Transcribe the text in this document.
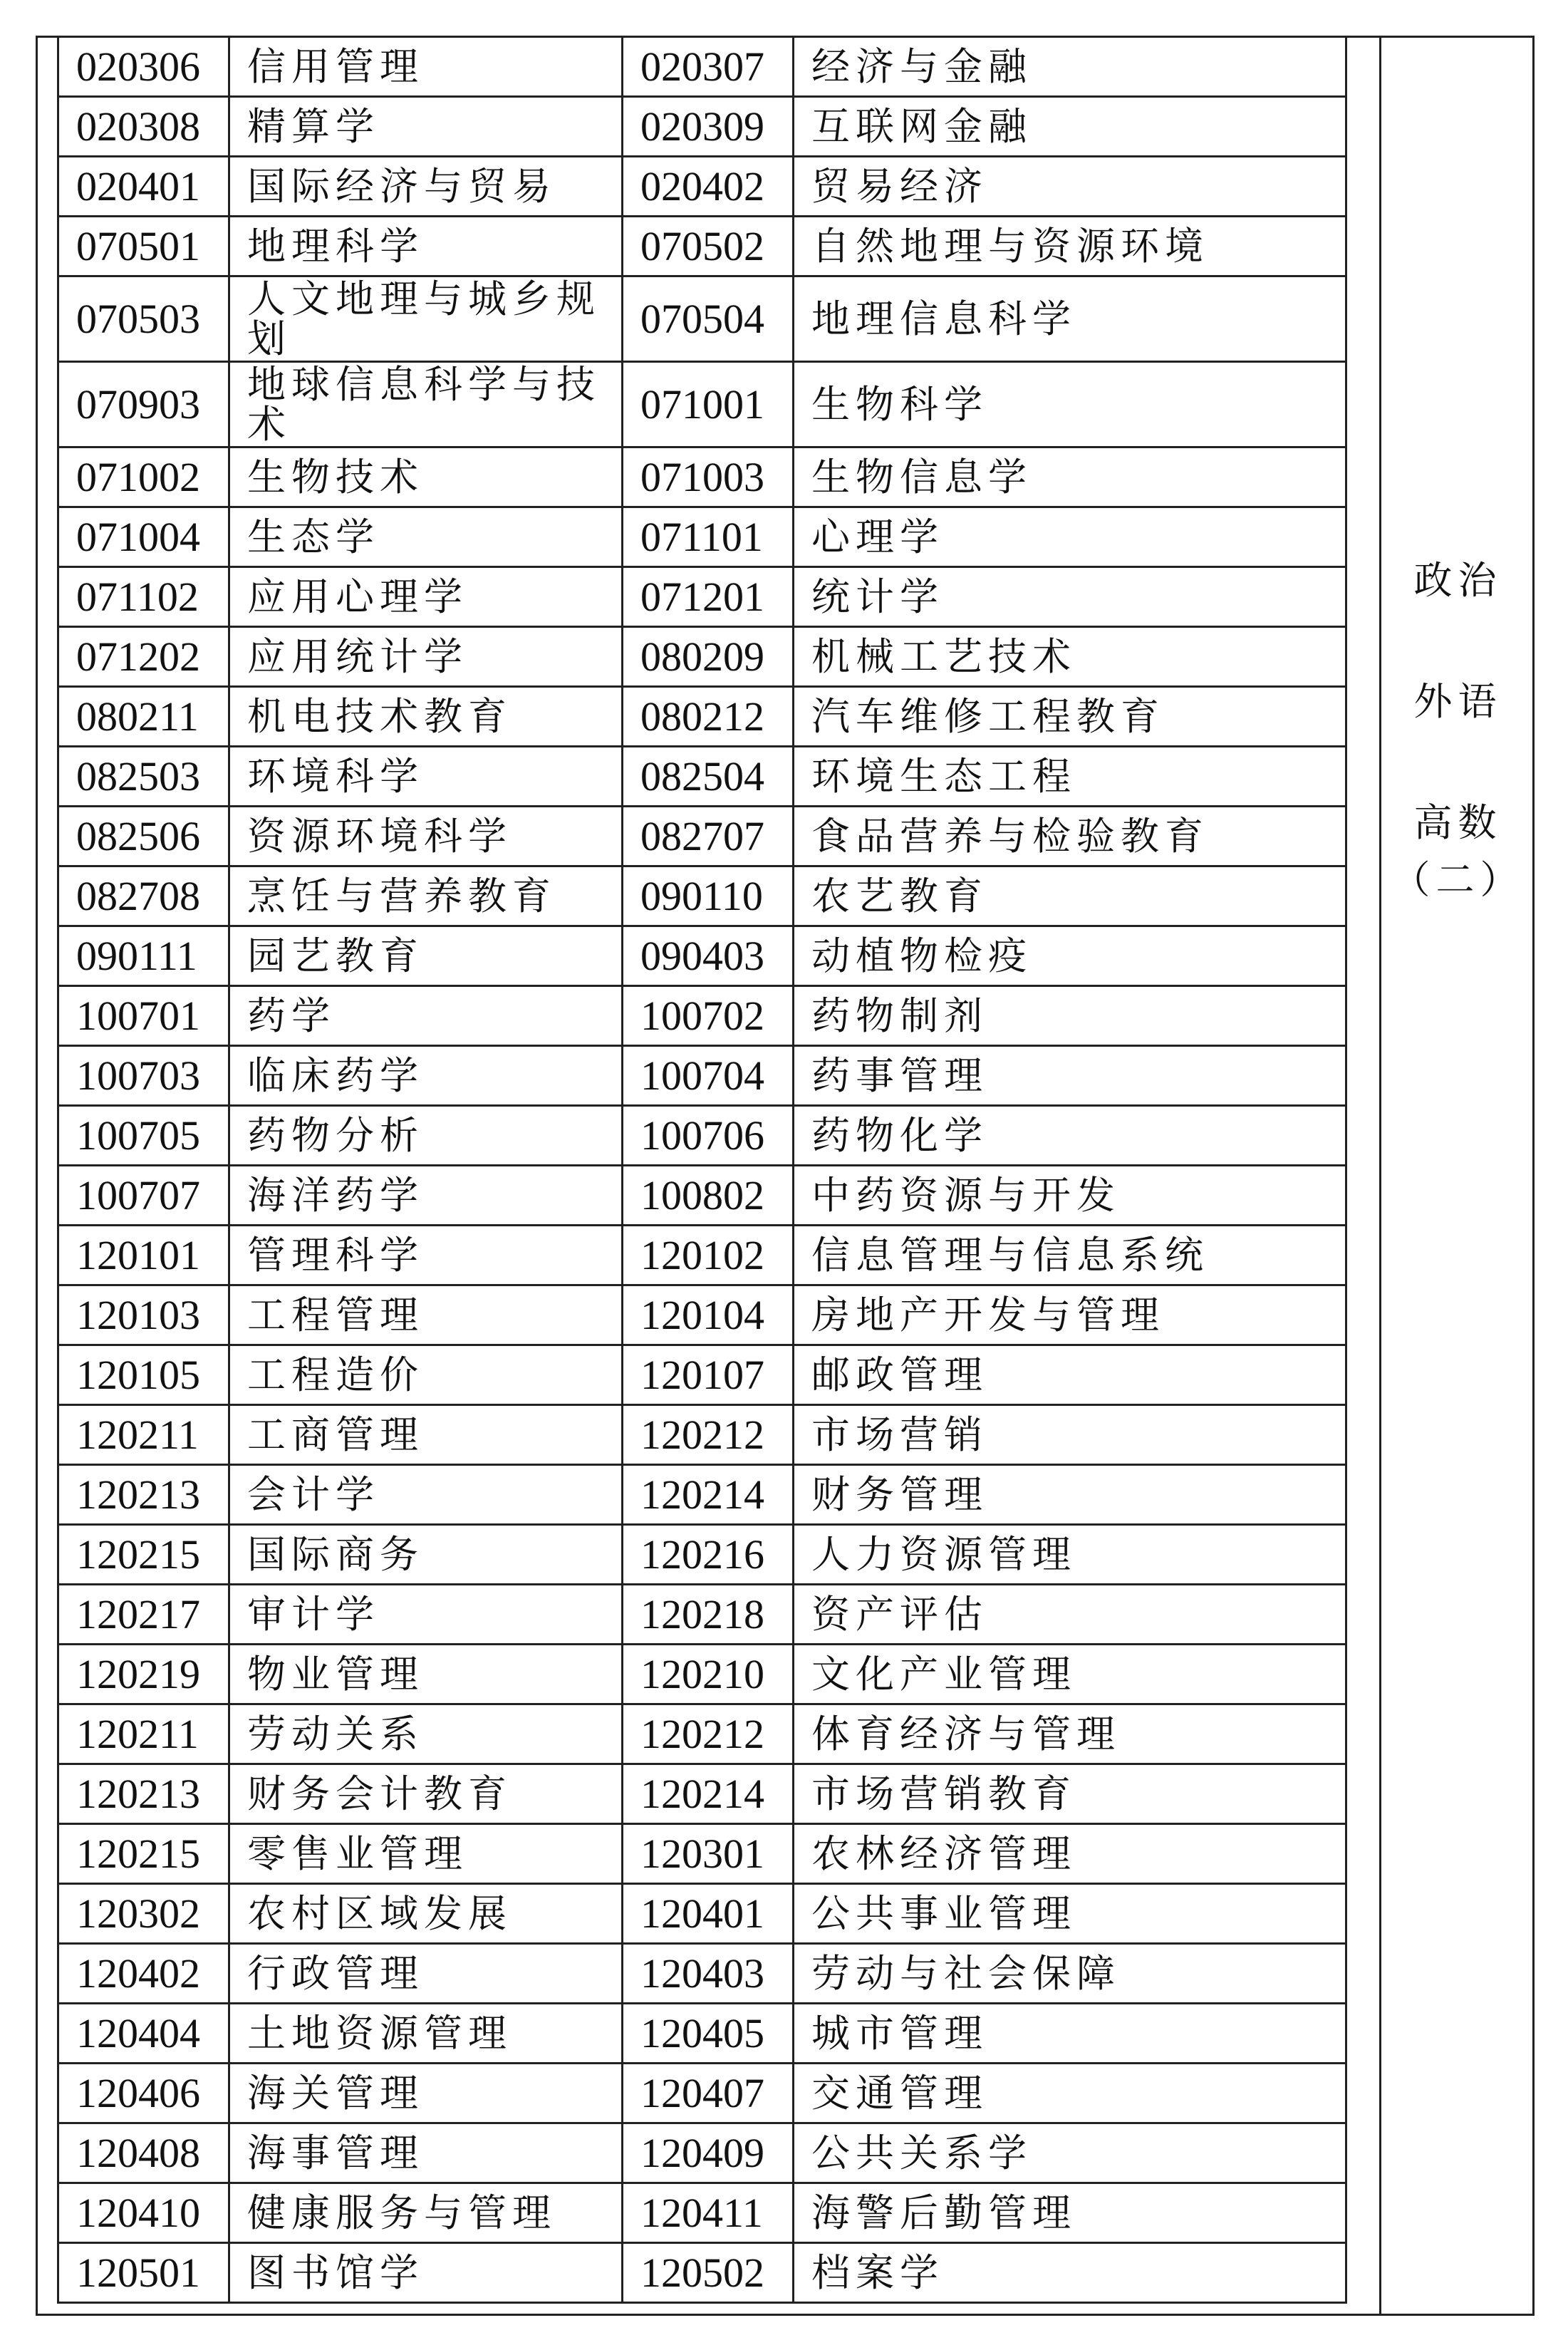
020306	信用管理	020307	经济与金融
020308	精算学	020309	互联网金融
020401	国际经济与贸易	020402	贸易经济
070501	地理科学	070502	自然地理与资源环境
070503	人文地理与城乡规划	070504	地理信息科学
070903	地球信息科学与技术	071001	生物科学
071002	生物技术	071003	生物信息学
071004	生态学	071101	心理学
071102	应用心理学	071201	统计学
071202	应用统计学	080209	机械工艺技术
080211	机电技术教育	080212	汽车维修工程教育
082503	环境科学	082504	环境生态工程
082506	资源环境科学	082707	食品营养与检验教育
082708	烹饪与营养教育	090110	农艺教育
090111	园艺教育	090403	动植物检疫
100701	药学	100702	药物制剂
100703	临床药学	100704	药事管理
100705	药物分析	100706	药物化学
100707	海洋药学	100802	中药资源与开发
120101	管理科学	120102	信息管理与信息系统
120103	工程管理	120104	房地产开发与管理
120105	工程造价	120107	邮政管理
120211	工商管理	120212	市场营销
120213	会计学	120214	财务管理
120215	国际商务	120216	人力资源管理
120217	审计学	120218	资产评估
120219	物业管理	120210	文化产业管理
120211	劳动关系	120212	体育经济与管理
120213	财务会计教育	120214	市场营销教育
120215	零售业管理	120301	农林经济管理
120302	农村区域发展	120401	公共事业管理
120402	行政管理	120403	劳动与社会保障
120404	土地资源管理	120405	城市管理
120406	海关管理	120407	交通管理
120408	海事管理	120409	公共关系学
120410	健康服务与管理	120411	海警后勤管理
120501	图书馆学	120502	档案学
政治
外语
高数
（二）
